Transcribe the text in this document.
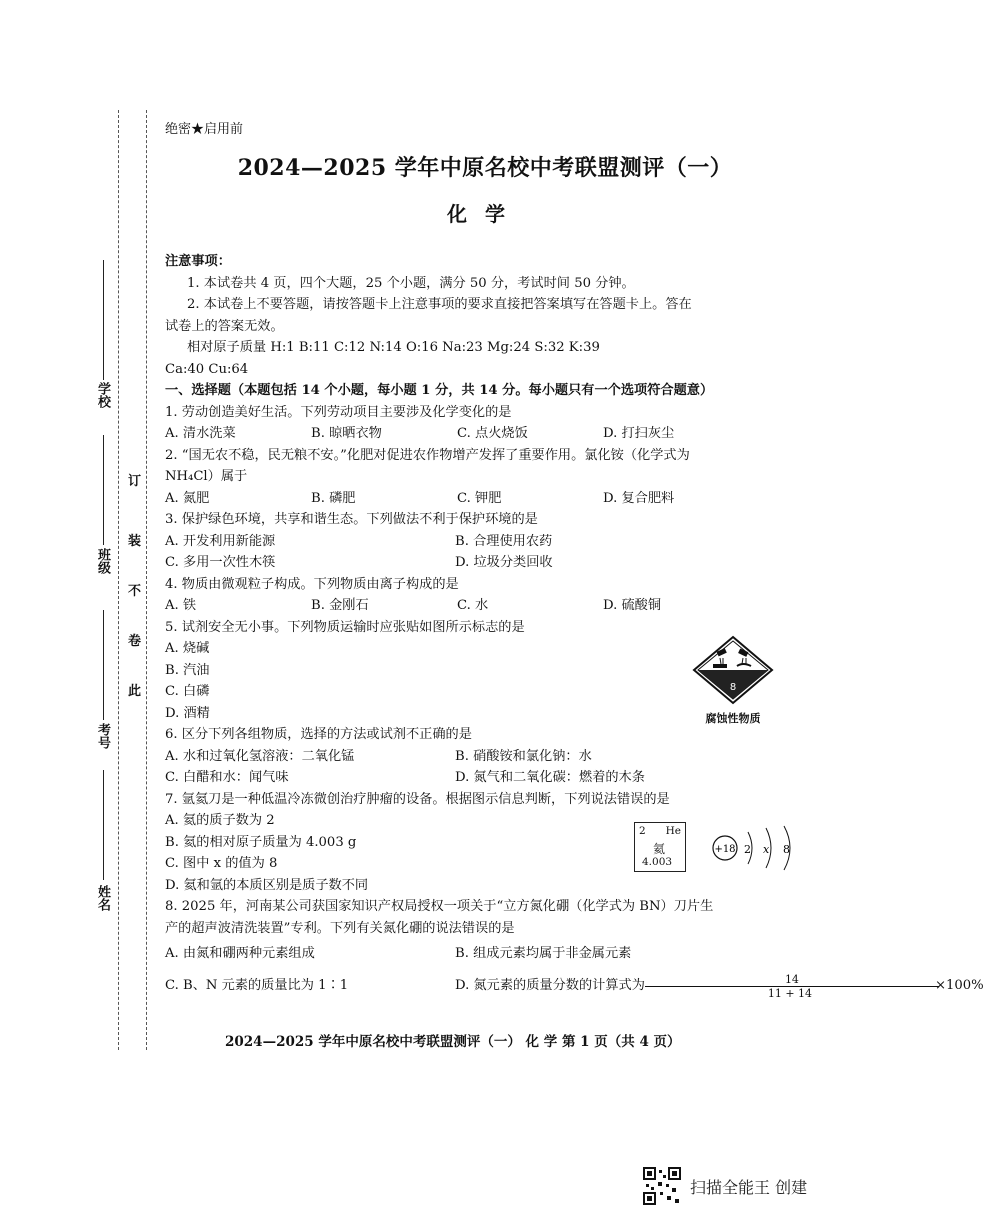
学校
班级
考号
姓名
订
装
不
卷
此
绝密★启用前
2024—2025 学年中原名校中考联盟测评（一）
化学
注意事项：
1. 本试卷共 4 页，四个大题，25 个小题，满分 50 分，考试时间 50 分钟。
2. 本试卷上不要答题，请按答题卡上注意事项的要求直接把答案填写在答题卡上。答在
试卷上的答案无效。
相对原子质量 H:1 B:11 C:12 N:14 O:16 Na:23 Mg:24 S:32 K:39
Ca:40 Cu:64
一、选择题（本题包括 14 个小题，每小题 1 分，共 14 分。每小题只有一个选项符合题意）
1. 劳动创造美好生活。下列劳动项目主要涉及化学变化的是
A. 清水洗菜	B. 晾晒衣物	C. 点火烧饭	D. 打扫灰尘
2. “国无农不稳，民无粮不安。”化肥对促进农作物增产发挥了重要作用。氯化铵（化学式为
NH₄Cl）属于
A. 氮肥	B. 磷肥	C. 钾肥	D. 复合肥料
3. 保护绿色环境，共享和谐生态。下列做法不利于保护环境的是
A. 开发利用新能源	B. 合理使用农药
C. 多用一次性木筷	D. 垃圾分类回收
4. 物质由微观粒子构成。下列物质由离子构成的是
A. 铁	B. 金刚石	C. 水	D. 硫酸铜
5. 试剂安全无小事。下列物质运输时应张贴如图所示标志的是
A. 烧碱
B. 汽油
C. 白磷
D. 酒精
8
腐蚀性物质
6. 区分下列各组物质，选择的方法或试剂不正确的是
A. 水和过氧化氢溶液：二氧化锰	B. 硝酸铵和氯化钠：水
C. 白醋和水：闻气味	D. 氮气和二氧化碳：燃着的木条
7. 氩氦刀是一种低温冷冻微创治疗肿瘤的设备。根据图示信息判断，下列说法错误的是
A. 氦的质子数为 2
B. 氦的相对原子质量为 4.003 g
C. 图中 x 的值为 8
D. 氦和氩的本质区别是质子数不同
2 He
氦
4.003
+18 2 x 8
8. 2025 年，河南某公司获国家知识产权局授权一项关于“立方氮化硼（化学式为 BN）刀片生
产的超声波清洗装置”专利。下列有关氮化硼的说法错误的是
A. 由氮和硼两种元素组成	B. 组成元素均属于非金属元素
C. B、N 元素的质量比为 1∶1	D. 氮元素的质量分数的计算式为 $\frac{14}{11 + 14} \times 100\%$
2024—2025 学年中原名校中考联盟测评（一） 化 学 第 1 页（共 4 页）
扫描全能王 创建
